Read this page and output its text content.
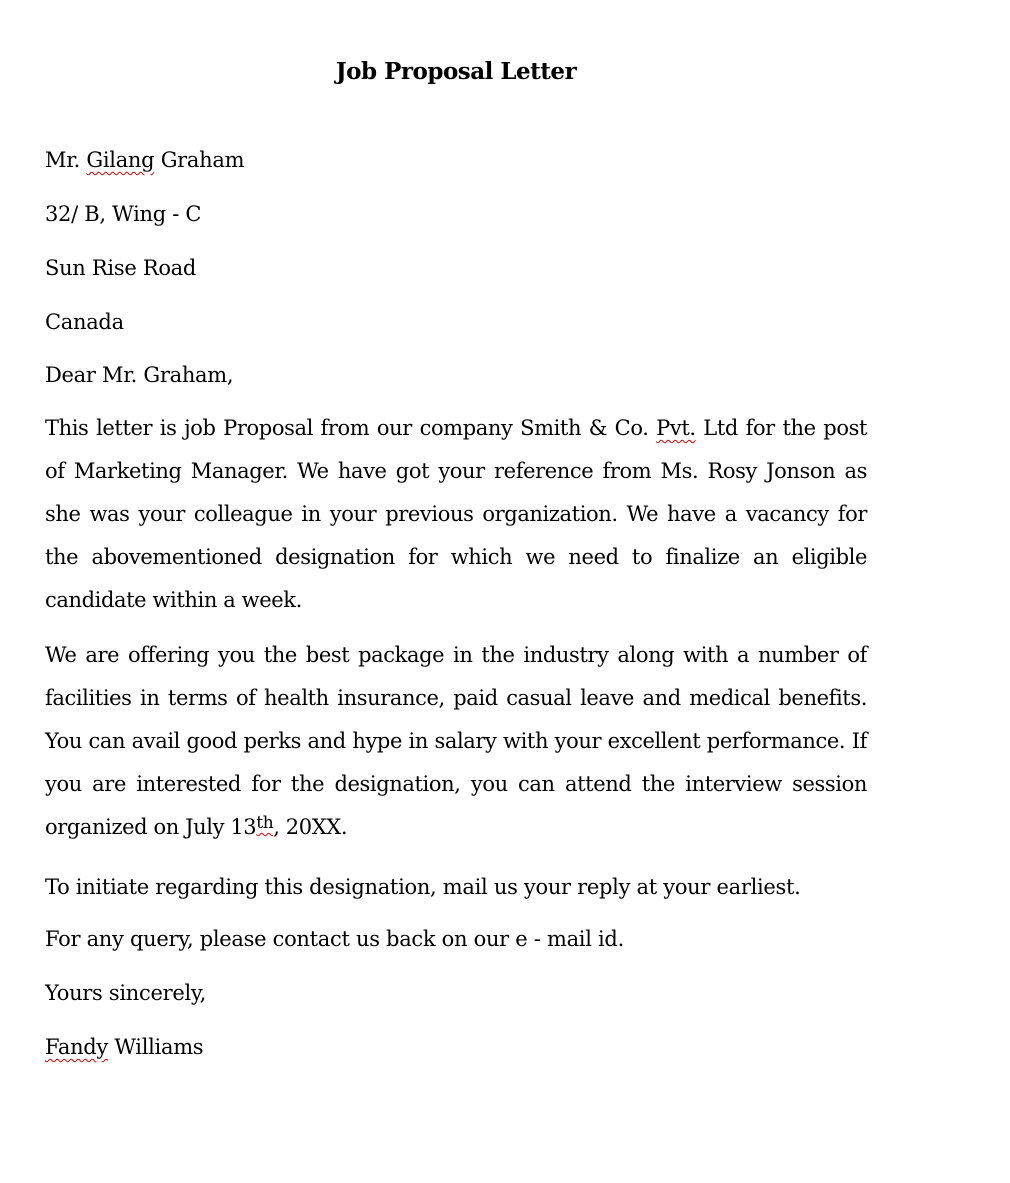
Job Proposal Letter
Mr. Gilang Graham
32/ B, Wing - C
Sun Rise Road
Canada
Dear Mr. Graham,
This letter is job Proposal from our company Smith & Co. Pvt. Ltd for the post of Marketing Manager. We have got your reference from Ms. Rosy Jonson as she was your colleague in your previous organization. We have a vacancy for the abovementioned designation for which we need to finalize an eligible candidate within a week.
We are offering you the best package in the industry along with a number of facilities in terms of health insurance, paid casual leave and medical benefits. You can avail good perks and hype in salary with your excellent performance. If you are interested for the designation, you can attend the interview session organized on July 13th, 20XX.
To initiate regarding this designation, mail us your reply at your earliest.
For any query, please contact us back on our e - mail id.
Yours sincerely,
Fandy Williams
